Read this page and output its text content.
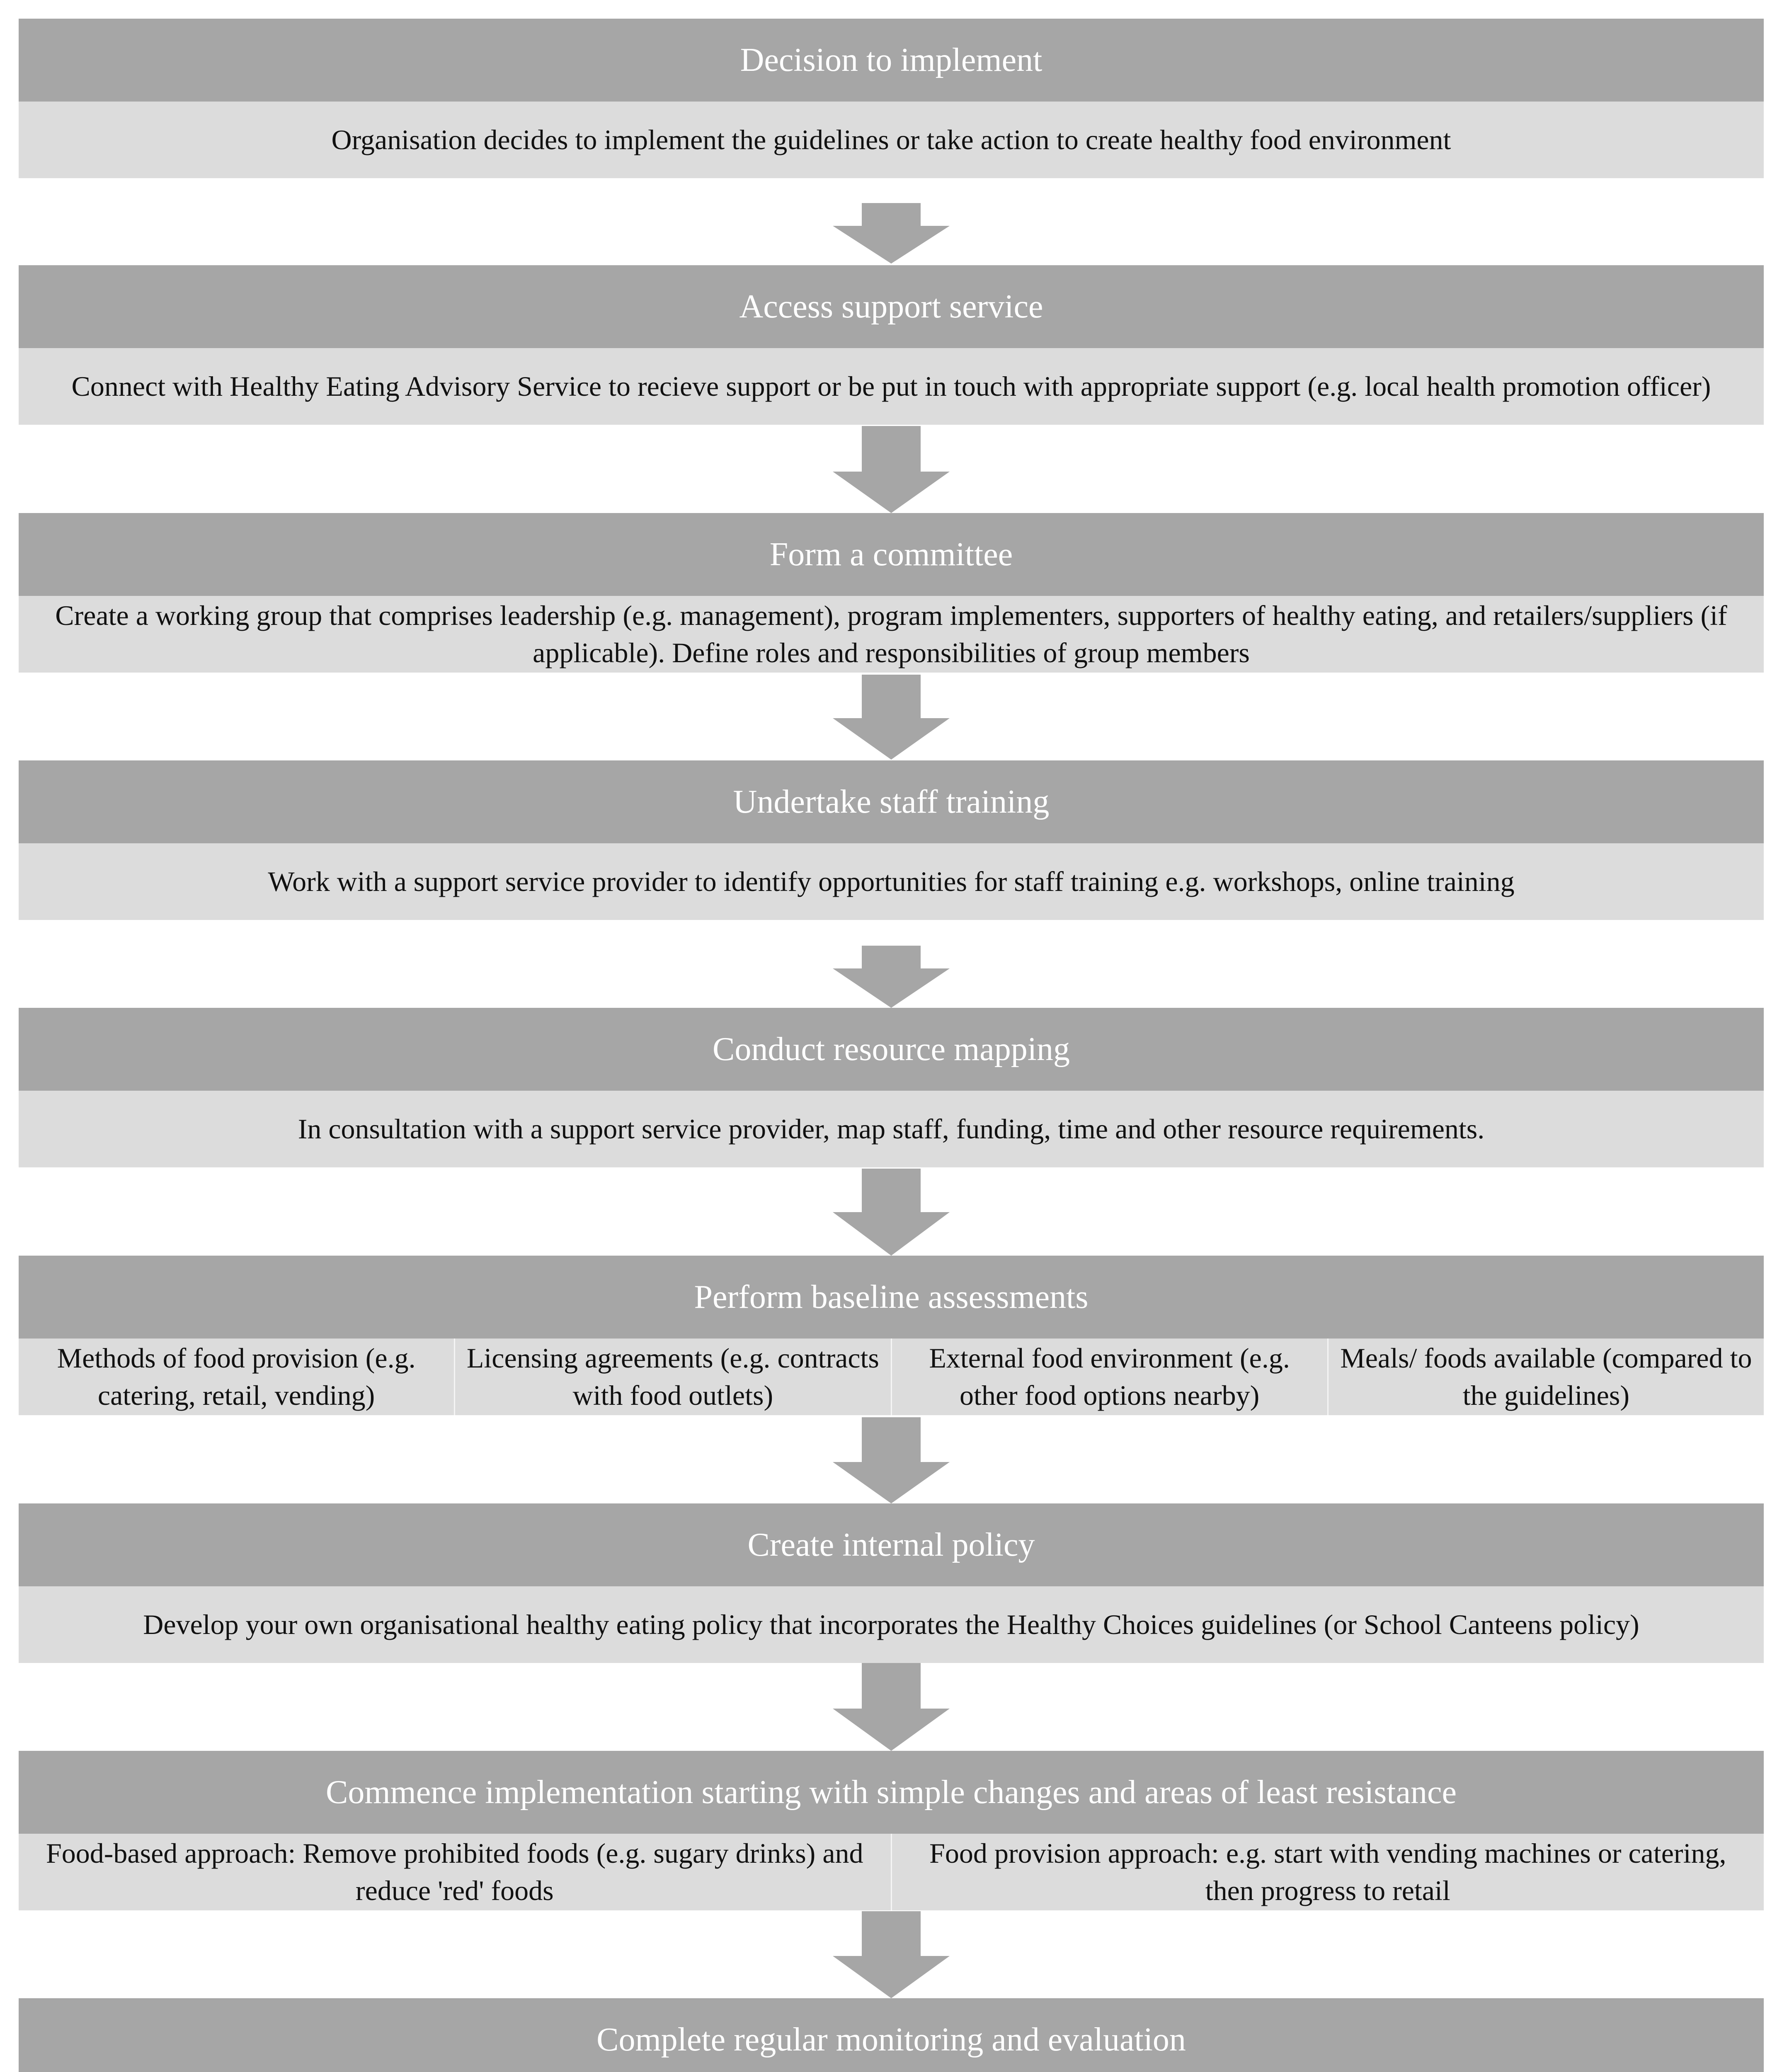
Decision to implement
Organisation decides to implement the guidelines or take action to create healthy food environment
Access support service
Connect with Healthy Eating Advisory Service to recieve support or be put in touch with appropriate support (e.g. local health promotion officer)
Form a committee
Create a working group that comprises leadership (e.g. management), program implementers, supporters of healthy eating, and retailers/suppliers (if applicable). Define roles and responsibilities of group members
Undertake staff training
Work with a support service provider to identify opportunities for staff training e.g. workshops, online training
Conduct resource mapping
In consultation with a support service provider, map staff, funding, time and other resource requirements.
Perform baseline assessments
Methods of food provision (e.g. catering, retail, vending)
Licensing agreements (e.g. contracts with food outlets)
External food environment (e.g. other food options nearby)
Meals/ foods available (compared to the guidelines)
Create internal policy
Develop your own organisational healthy eating policy that incorporates the Healthy Choices guidelines (or School Canteens policy)
Commence implementation starting with simple changes and areas of least resistance
Food-based approach: Remove prohibited foods (e.g. sugary drinks) and reduce 'red' foods
Food provision approach: e.g. start with vending machines or catering, then progress to retail
Complete regular monitoring and evaluation
